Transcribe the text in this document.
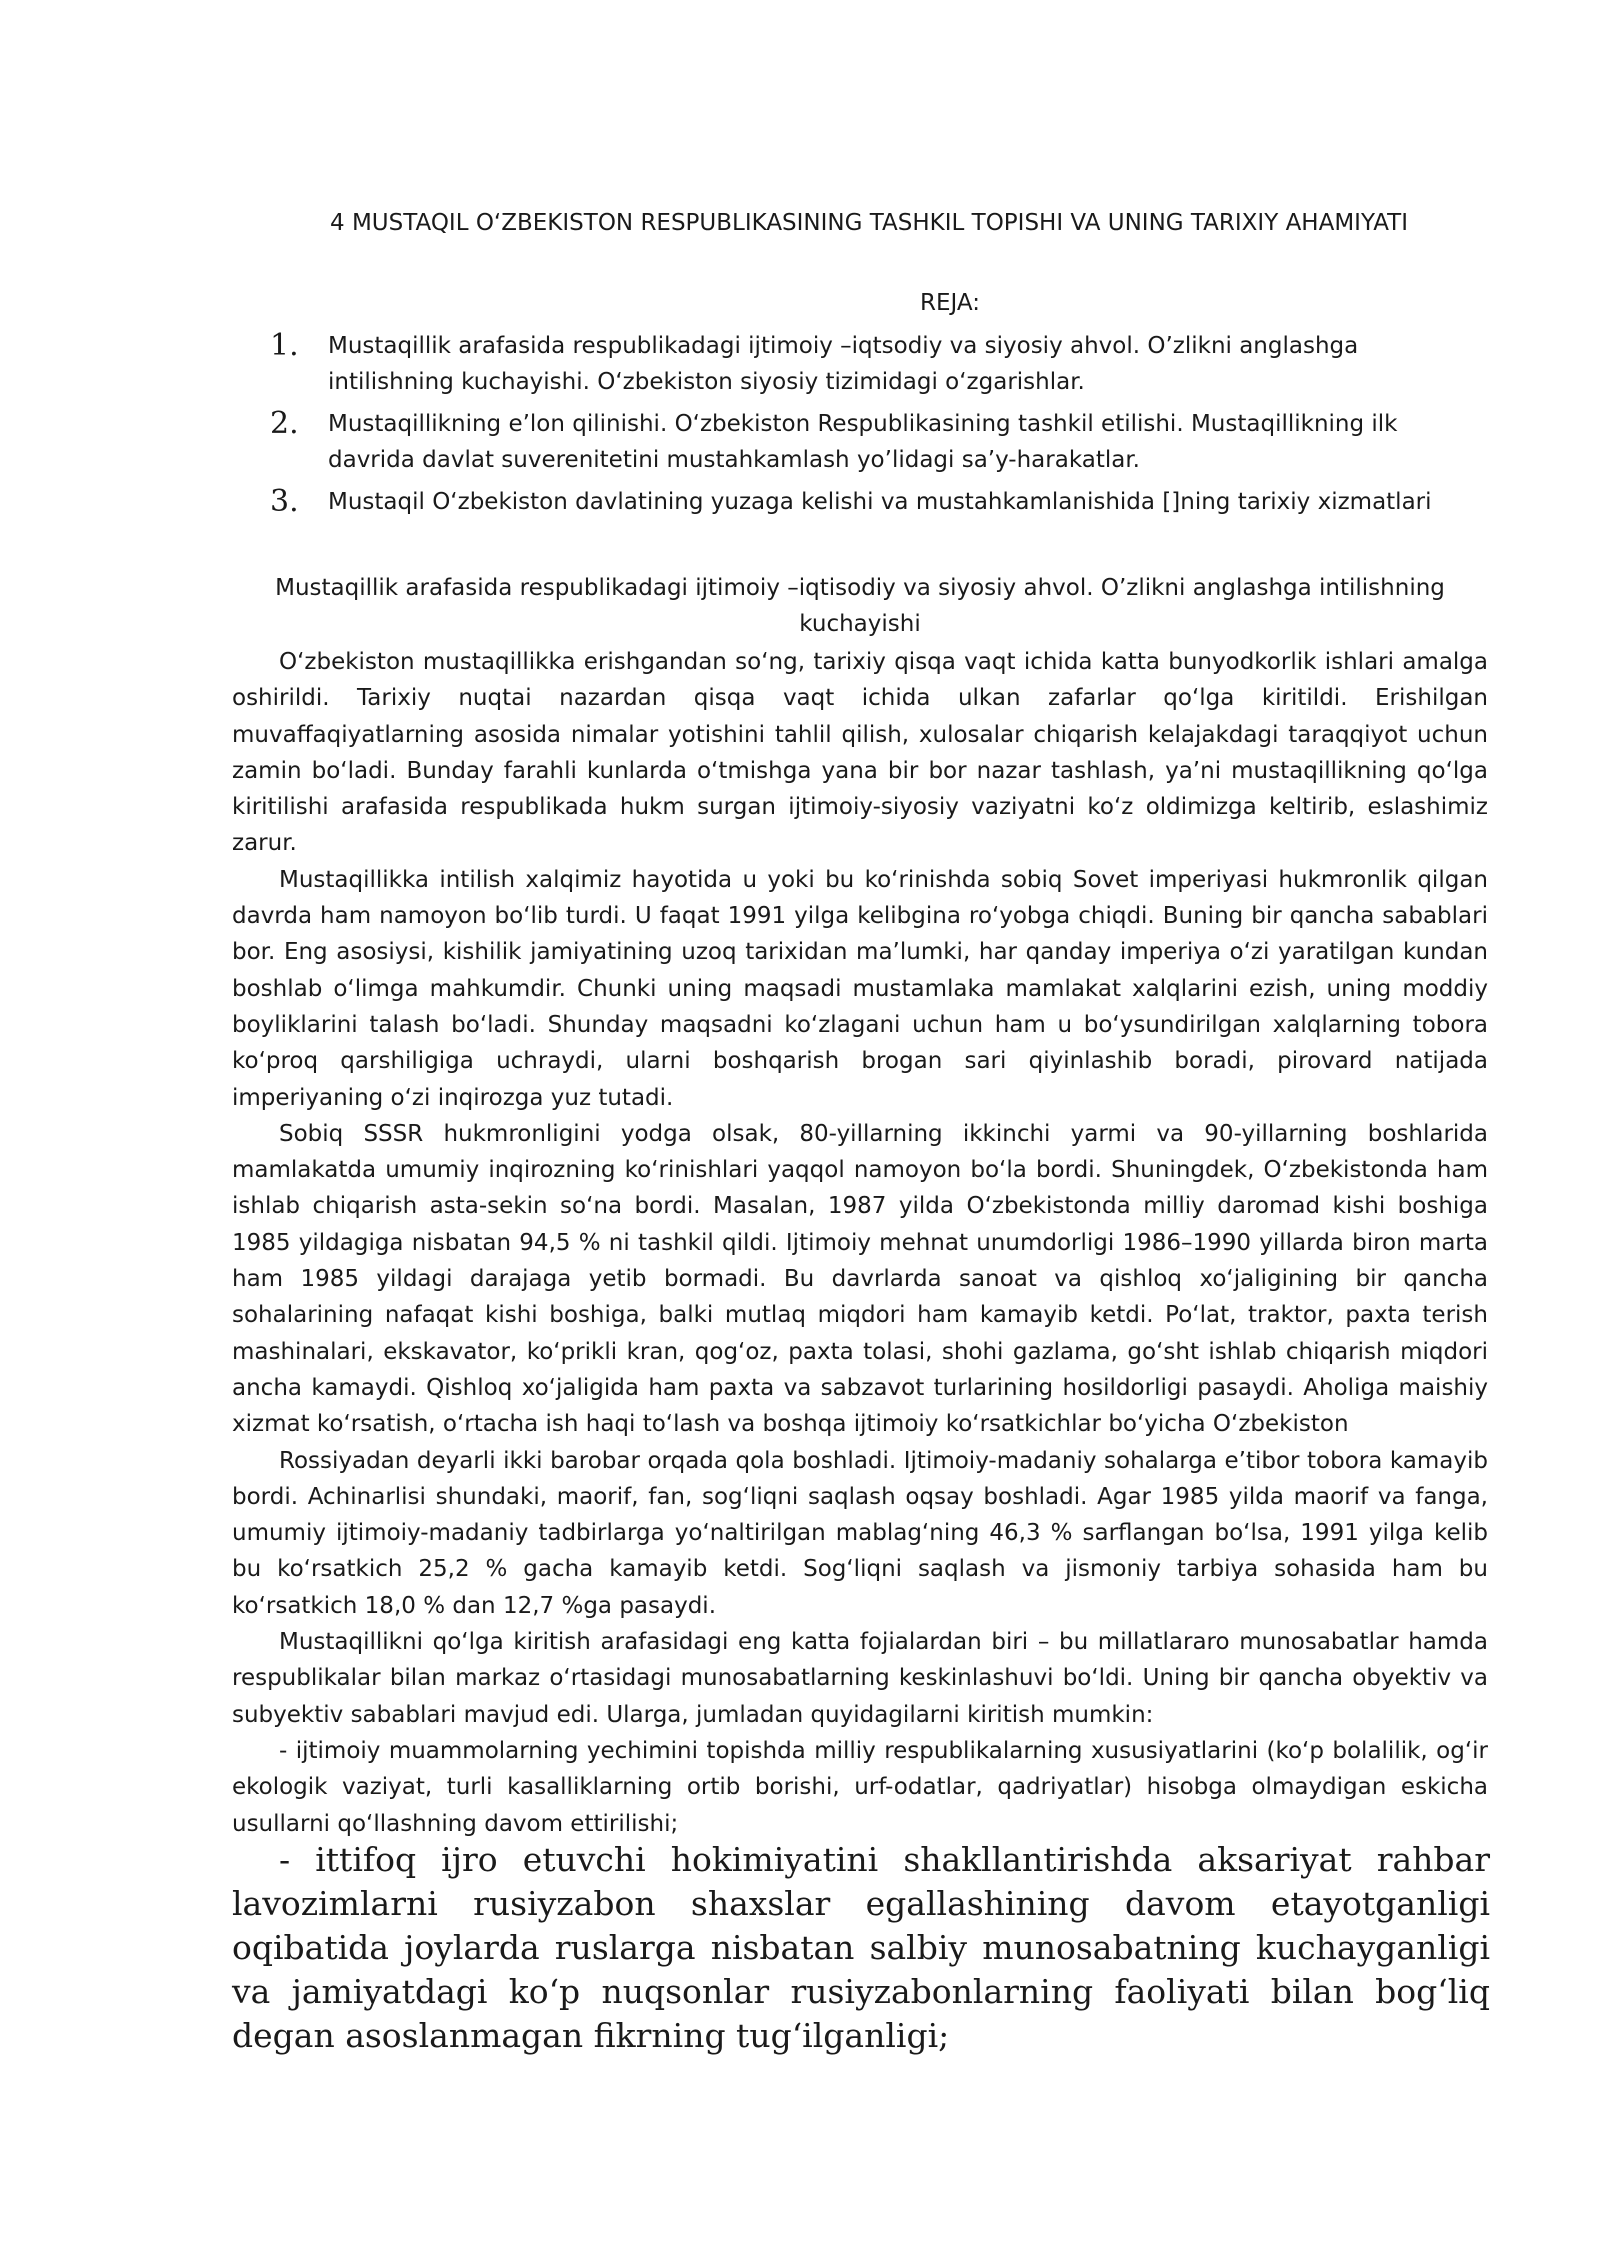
4 MUSTAQIL O‘ZBEKISTON RESPUBLIKASINING TASHKIL TOPISHI VA UNING TARIXIY AHAMIYATI
REJA:
1.	Mustaqillik arafasida respublikadagi ijtimoiy –iqtsodiy va siyosiy ahvol. O’zlikni anglashga intilishning kuchayishi. O‘zbekiston siyosiy tizimidagi o‘zgarishlar.
2.	Mustaqillikning e’lon qilinishi. O‘zbekiston Respublikasining tashkil etilishi. Mustaqillikning ilk davrida davlat suverenitetini mustahkamlash yo’lidagi sa’y-harakatlar.
3.	Mustaqil O‘zbekiston davlatining yuzaga kelishi va mustahkamlanishida []ning tarixiy xizmatlari
Mustaqillik arafasida respublikadagi ijtimoiy –iqtisodiy va siyosiy ahvol. O’zlikni anglashga intilishning kuchayishi

O‘zbekiston mustaqillikka erishgandan so‘ng, tarixiy qisqa vaqt ichida katta bunyodkorlik ishlari amalga oshirildi. Tarixiy nuqtai nazardan qisqa vaqt ichida ulkan zafarlar qo‘lga kiritildi. Erishilgan muvaffaqiyatlarning asosida nimalar yotishini tahlil qilish, xulosalar chiqarish kelajakdagi taraqqiyot uchun zamin bo‘ladi. Bunday farahli kunlarda o‘tmishga yana bir bor nazar tashlash, ya’ni mustaqillikning qo‘lga kiritilishi arafasida respublikada hukm surgan ijtimoiy-siyosiy vaziyatni ko‘z oldimizga keltirib, eslashimiz zarur.

Mustaqillikka intilish xalqimiz hayotida u yoki bu ko‘rinishda sobiq Sovet imperiyasi hukmronlik qilgan davrda ham namoyon bo‘lib turdi. U faqat 1991 yilga kelibgina ro‘yobga chiqdi. Buning bir qancha sabablari bor. Eng asosiysi, kishilik jamiyatining uzoq tarixidan ma’lumki, har qanday imperiya o‘zi yaratilgan kundan boshlab o‘limga mahkumdir. Chunki uning maqsadi mustamlaka mamlakat xalqlarini ezish, uning moddiy boyliklarini talash bo‘ladi. Shunday maqsadni ko‘zlagani uchun ham u bo‘ysundirilgan xalqlarning tobora ko‘proq qarshiligiga uchraydi, ularni boshqarish brogan sari qiyinlashib boradi, pirovard natijada imperiyaning o‘zi inqirozga yuz tutadi.

Sobiq SSSR hukmronligini yodga olsak, 80-yillarning ikkinchi yarmi va 90-yillarning boshlarida mamlakatda umumiy inqirozning ko‘rinishlari yaqqol namoyon bo‘la bordi. Shuningdek, O‘zbekistonda ham ishlab chiqarish asta-sekin so‘na bordi. Masalan, 1987 yilda O‘zbekistonda milliy daromad kishi boshiga 1985 yildagiga nisbatan 94,5 % ni tashkil qildi. Ijtimoiy mehnat unumdorligi 1986–1990 yillarda biron marta ham 1985 yildagi darajaga yetib bormadi. Bu davrlarda sanoat va qishloq xo‘jaligining bir qancha sohalarining nafaqat kishi boshiga, balki mutlaq miqdori ham kamayib ketdi. Po‘lat, traktor, paxta terish mashinalari, ekskavator, ko‘prikli kran, qog‘oz, paxta tolasi, shohi gazlama, go‘sht ishlab chiqarish miqdori ancha kamaydi. Qishloq xo‘jaligida ham paxta va sabzavot turlarining hosildorligi pasaydi. Aholiga maishiy xizmat ko‘rsatish, o‘rtacha ish haqi to‘lash va boshqa ijtimoiy ko‘rsatkichlar bo‘yicha O‘zbekiston

Rossiyadan deyarli ikki barobar orqada qola boshladi. Ijtimoiy-madaniy sohalarga e’tibor tobora kamayib bordi. Achinarlisi shundaki, maorif, fan, sog‘liqni saqlash oqsay boshladi. Agar 1985 yilda maorif va fanga, umumiy ijtimoiy-madaniy tadbirlarga yo‘naltirilgan mablag‘ning 46,3 % sarflangan bo‘lsa, 1991 yilga kelib bu ko‘rsatkich 25,2 % gacha kamayib ketdi. Sog‘liqni saqlash va jismoniy tarbiya sohasida ham bu ko‘rsatkich 18,0 % dan 12,7 %ga pasaydi.

Mustaqillikni qo‘lga kiritish arafasidagi eng katta fojialardan biri – bu millatlararo munosabatlar hamda respublikalar bilan markaz o‘rtasidagi munosabatlarning keskinlashuvi bo‘ldi. Uning bir qancha obyektiv va subyektiv sabablari mavjud edi. Ularga, jumladan quyidagilarni kiritish mumkin:

- ijtimoiy muammolarning yechimini topishda milliy respublikalarning xususiyatlarini (ko‘p bolalilik, og‘ir ekologik vaziyat, turli kasalliklarning ortib borishi, urf-odatlar, qadriyatlar) hisobga olmaydigan eskicha usullarni qo‘llashning davom ettirilishi;

- ittifoq ijro etuvchi hokimiyatini shakllantirishda aksariyat rahbar lavozimlarni rusiyzabon shaxslar egallashining davom etayotganligi oqibatida joylarda ruslarga nisbatan salbiy munosabatning kuchayganligi va jamiyatdagi ko‘p nuqsonlar rusiyzabonlarning faoliyati bilan bog‘liq degan asoslanmagan fikrning tug‘ilganligi;
